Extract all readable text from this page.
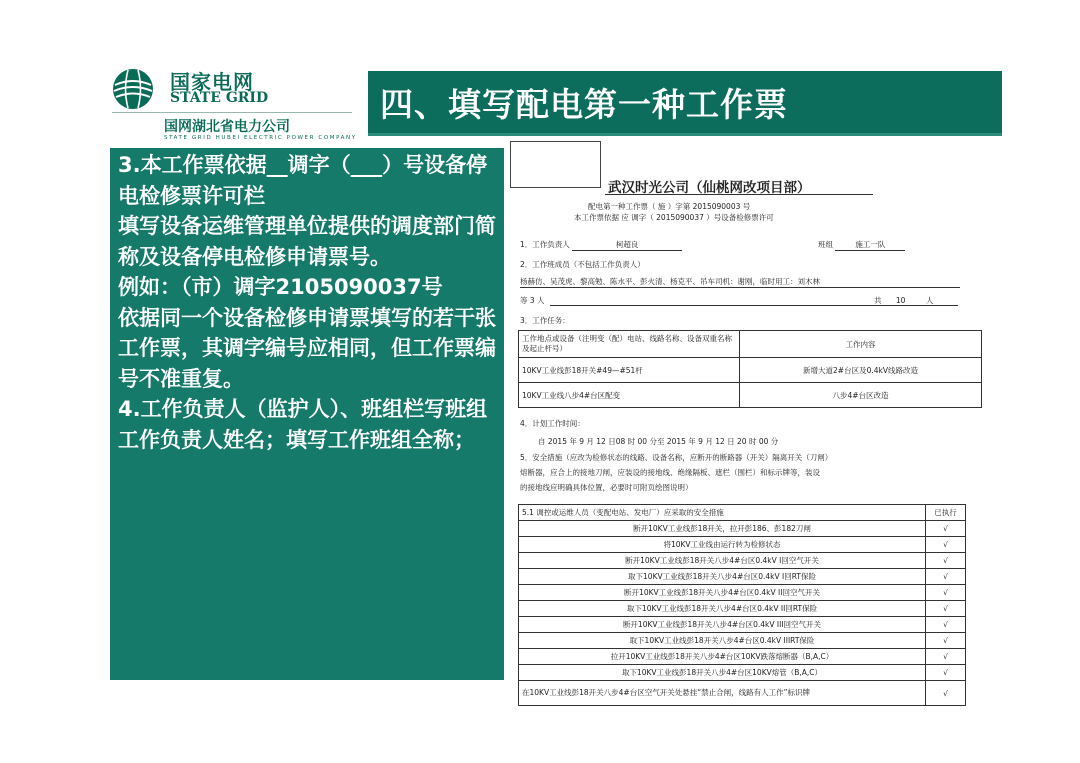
国家电网
STATE GRID
国网湖北省电力公司
STATE GRID HUBEI ELECTRIC POWER COMPANY
四、填写配电第一种工作票

3.本工作票依据__调字（___）号设备停电检修票许可栏

填写设备运维管理单位提供的调度部门简称及设备停电检修申请票号。

例如：（市）调字2105090037号

依据同一个设备检修申请票填写的若干张工作票，其调字编号应相同，但工作票编号不准重复。

4.工作负责人（监护人）、班组栏写班组工作负责人姓名；填写工作班组全称；

武汉时光公司（仙桃网改项目部）
配电第一种工作票（ 施 ）字第 2015090003 号
本工作票依据 应 调字（ 2015090037 ）号设备检修票许可
1．工作负责人	柯超良	班组	施工一队
2．工作班成员（不包括工作负责人）
杨赫仿、吴茂虎、黎高勉、陈水平、彭火清、杨克平、吊车司机：谢刚，临时用工：刘木林
等 3 人	共 10	人
3．工作任务：
工作地点或设备（注明变（配）电站、线路名称、设备双重名称及起止杆号）	工作内容
10KV工业线彭18开关#49—#51杆	新增大道2#台区及0.4kV线路改造
10KV工业线八步4#台区配变	八步4#台区改造
4．计划工作时间：
自 2015 年 9 月 12 日08 时 00 分至 2015 年 9 月 12 日 20 时 00 分
5．安全措施（应改为检修状态的线路、设备名称，应断开的断路器（开关）隔离开关（刀闸）
熔断器，应合上的接地刀闸，应装设的接地线、绝缘隔板、遮栏（围栏）和标示牌等，装设
的接地线应明确具体位置，必要时可附页绘图说明）
5.1 调控或运维人员（变配电站、发电厂）应采取的安全措施	已执行
断开10KV工业线彭18开关，拉开彭186、彭182刀闸	√
将10KV工业线由运行转为检修状态	√
断开10KV工业线彭18开关八步4#台区0.4kV I回空气开关	√
取下10KV工业线彭18开关八步4#台区0.4kV I回RT保险	√
断开10KV工业线彭18开关八步4#台区0.4kV II回空气开关	√
取下10KV工业线彭18开关八步4#台区0.4kV II回RT保险	√
断开10KV工业线彭18开关八步4#台区0.4kV III回空气开关	√
取下10KV工业线彭18开关八步4#台区0.4kV IIIRT保险	√
拉开10KV工业线彭18开关八步4#台区10KV跌落熔断器（B,A,C）	√
取下10KV工业线彭18开关八步4#台区10KV熔管（B,A,C）	√
在10KV工业线彭18开关八步4#台区空气开关处悬挂“禁止合闸，线路有人工作”标识牌	√
